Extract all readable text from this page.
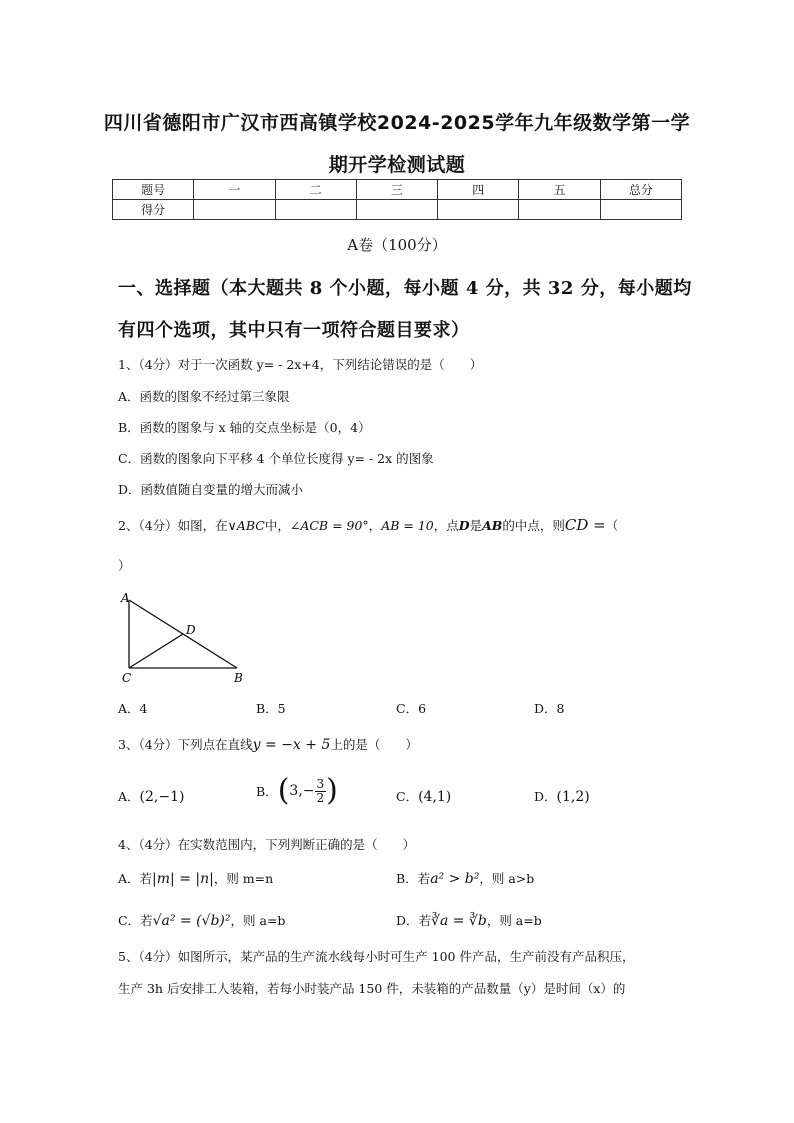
四川省德阳市广汉市西高镇学校2024-2025学年九年级数学第一学
期开学检测试题
题号	一	二	三	四	五	总分
得分						
A卷（100分）
一、选择题（本大题共 8 个小题，每小题 4 分，共 32 分，每小题均
有四个选项，其中只有一项符合题目要求）
1、（4分）对于一次函数 y= - 2x+4，下列结论错误的是（　　）
A．函数的图象不经过第三象限
B．函数的图象与 x 轴的交点坐标是（0，4）
C．函数的图象向下平移 4 个单位长度得 y= - 2x 的图象
D．函数值随自变量的增大而减小
2、（4分）如图，在∨ABC中，∠ACB = 90°，AB = 10，点D是AB的中点，则CD =（
）
A
D
C	B
A．4	B．5	C．6	D．8
3、（4分）下列点在直线y = −x + 5上的是（　　）
A．(2,−1)	B． ( $3,- \frac{3}{2}$ )	C．(4,1)	D．(1,2)
4、（4分）在实数范围内，下列判断正确的是（　　）
A．若|m| = |n|，则 m=n	B．若a² > b²，则 a>b
C．若√a² = (√b)²，则 a=b	D．若∛a = ∛b，则 a=b
5、（4分）如图所示，某产品的生产流水线每小时可生产 100 件产品，生产前没有产品积压，
生产 3h 后安排工人装箱，若每小时装产品 150 件，未装箱的产品数量（y）是时间（x）的
